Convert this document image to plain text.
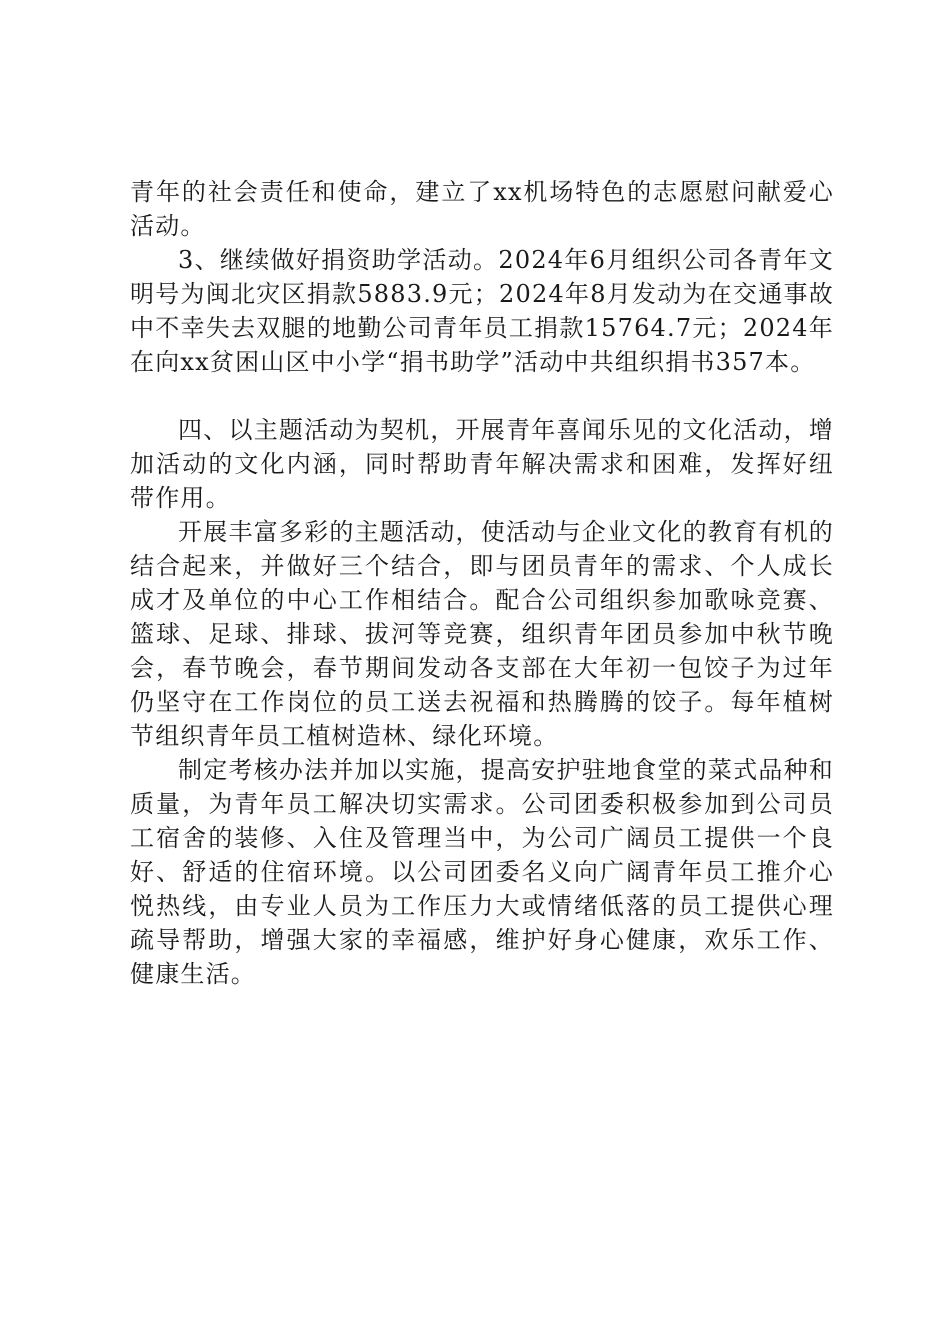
青年的社会责任和使命，建立了xx机场特色的志愿慰问献爱心活动。

3、继续做好捐资助学活动。2024年6月组织公司各青年文明号为闽北灾区捐款5883.9元；2024年8月发动为在交通事故中不幸失去双腿的地勤公司青年员工捐款15764.7元；2024年在向xx贫困山区中小学“捐书助学”活动中共组织捐书357本。

四、以主题活动为契机，开展青年喜闻乐见的文化活动，增加活动的文化内涵，同时帮助青年解决需求和困难，发挥好纽带作用。

开展丰富多彩的主题活动，使活动与企业文化的教育有机的结合起来，并做好三个结合，即与团员青年的需求、个人成长成才及单位的中心工作相结合。配合公司组织参加歌咏竞赛、篮球、足球、排球、拔河等竞赛，组织青年团员参加中秋节晚会，春节晚会，春节期间发动各支部在大年初一包饺子为过年仍坚守在工作岗位的员工送去祝福和热腾腾的饺子。每年植树节组织青年员工植树造林、绿化环境。

制定考核办法并加以实施，提高安护驻地食堂的菜式品种和质量，为青年员工解决切实需求。公司团委积极参加到公司员工宿舍的装修、入住及管理当中，为公司广阔员工提供一个良好、舒适的住宿环境。以公司团委名义向广阔青年员工推介心悦热线，由专业人员为工作压力大或情绪低落的员工提供心理疏导帮助，增强大家的幸福感，维护好身心健康，欢乐工作、健康生活。
